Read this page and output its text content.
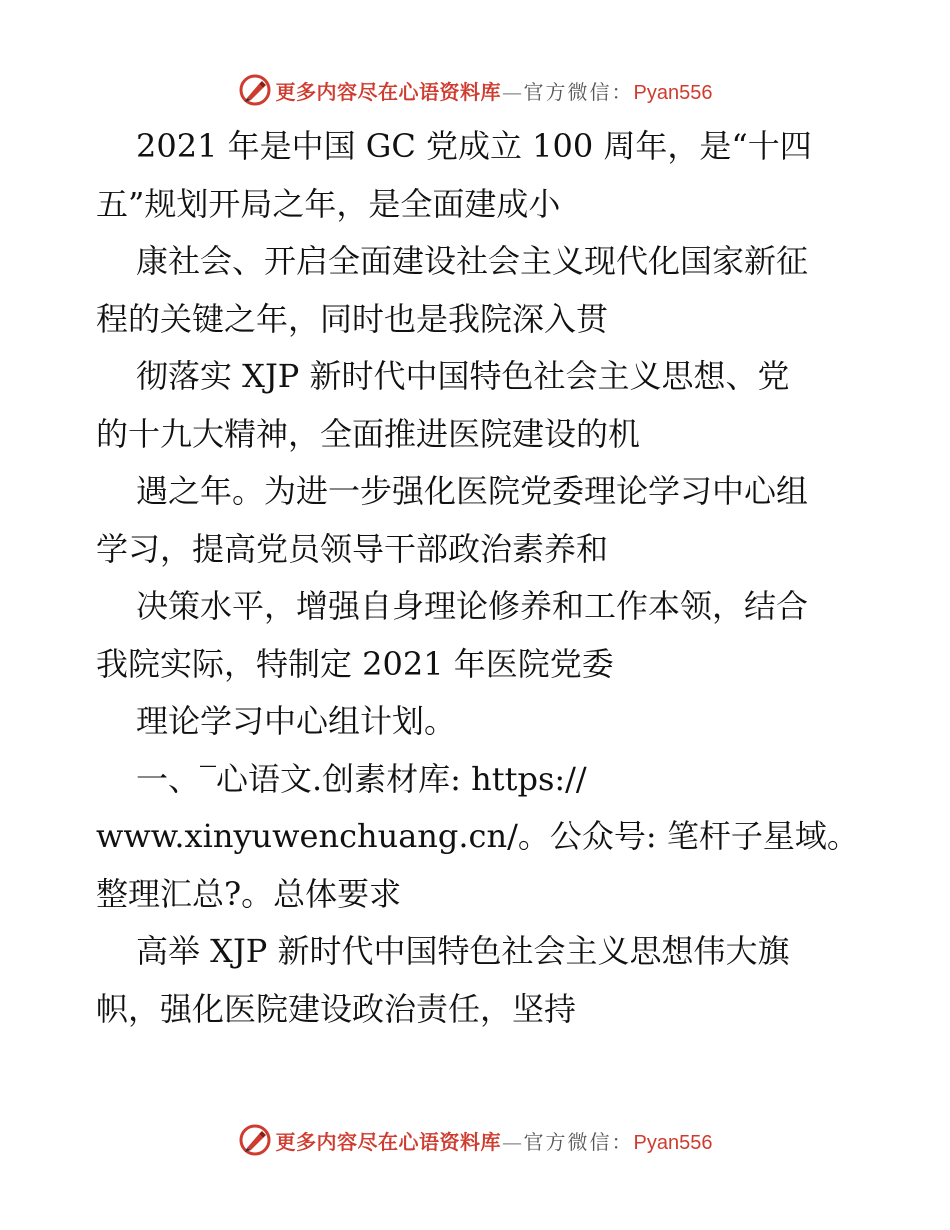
更多内容尽在心语资料库—官方微信：Pyan556
2021 年是中国 GC 党成立 100 周年，是“十四
五”规划开局之年，是全面建成小
康社会、开启全面建设社会主义现代化国家新征
程的关键之年，同时也是我院深入贯
彻落实 XJP 新时代中国特色社会主义思想、党
的十九大精神，全面推进医院建设的机
遇之年。为进一步强化医院党委理论学习中心组
学习，提高党员领导干部政治素养和
决策水平，增强自身理论修养和工作本领，结合
我院实际，特制定 2021 年医院党委
理论学习中心组计划。
一、‾心语文.创素材库: https://
www.xinyuwenchuang.cn/。公众号: 笔杆子星域。
整理汇总?。总体要求
高举 XJP 新时代中国特色社会主义思想伟大旗
帜，强化医院建设政治责任，坚持
更多内容尽在心语资料库—官方微信：Pyan556
